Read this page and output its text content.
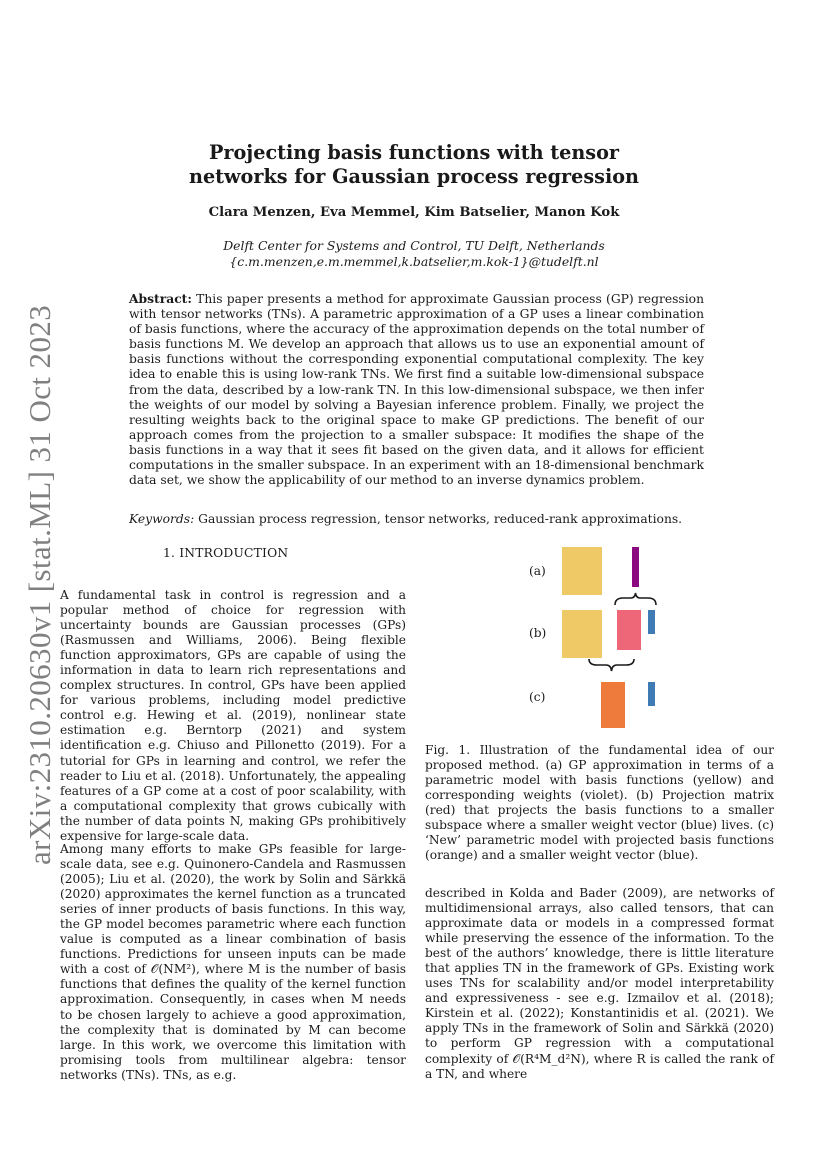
arXiv:2310.20630v1 [stat.ML] 31 Oct 2023
Projecting basis functions with tensor networks for Gaussian process regression
Clara Menzen, Eva Memmel, Kim Batselier, Manon Kok
Delft Center for Systems and Control, TU Delft, Netherlands
{c.m.menzen,e.m.memmel,k.batselier,m.kok-1}@tudelft.nl
Abstract: This paper presents a method for approximate Gaussian process (GP) regression with tensor networks (TNs). A parametric approximation of a GP uses a linear combination of basis functions, where the accuracy of the approximation depends on the total number of basis functions M. We develop an approach that allows us to use an exponential amount of basis functions without the corresponding exponential computational complexity. The key idea to enable this is using low-rank TNs. We first find a suitable low-dimensional subspace from the data, described by a low-rank TN. In this low-dimensional subspace, we then infer the weights of our model by solving a Bayesian inference problem. Finally, we project the resulting weights back to the original space to make GP predictions. The benefit of our approach comes from the projection to a smaller subspace: It modifies the shape of the basis functions in a way that it sees fit based on the given data, and it allows for efficient computations in the smaller subspace. In an experiment with an 18-dimensional benchmark data set, we show the applicability of our method to an inverse dynamics problem.
Keywords: Gaussian process regression, tensor networks, reduced-rank approximations.
1. INTRODUCTION
A fundamental task in control is regression and a popular method of choice for regression with uncertainty bounds are Gaussian processes (GPs) (Rasmussen and Williams, 2006). Being flexible function approximators, GPs are capable of using the information in data to learn rich representations and complex structures. In control, GPs have been applied for various problems, including model predictive control e.g. Hewing et al. (2019), nonlinear state estimation e.g. Berntorp (2021) and system identification e.g. Chiuso and Pillonetto (2019). For a tutorial for GPs in learning and control, we refer the reader to Liu et al. (2018). Unfortunately, the appealing features of a GP come at a cost of poor scalability, with a computational complexity that grows cubically with the number of data points N, making GPs prohibitively expensive for large-scale data.
Among many efforts to make GPs feasible for large-scale data, see e.g. Quinonero-Candela and Rasmussen (2005); Liu et al. (2020), the work by Solin and Särkkä (2020) approximates the kernel function as a truncated series of inner products of basis functions. In this way, the GP model becomes parametric where each function value is computed as a linear combination of basis functions. Predictions for unseen inputs can be made with a cost of 𝒪(NM²), where M is the number of basis functions that defines the quality of the kernel function approximation. Consequently, in cases when M needs to be chosen largely to achieve a good approximation, the complexity that is dominated by M can become large. In this work, we overcome this limitation with promising tools from multilinear algebra: tensor networks (TNs). TNs, as e.g.
(a)
(b)
(c)
Fig. 1. Illustration of the fundamental idea of our proposed method. (a) GP approximation in terms of a parametric model with basis functions (yellow) and corresponding weights (violet). (b) Projection matrix (red) that projects the basis functions to a smaller subspace where a smaller weight vector (blue) lives. (c) ‘New’ parametric model with projected basis functions (orange) and a smaller weight vector (blue).
described in Kolda and Bader (2009), are networks of multidimensional arrays, also called tensors, that can approximate data or models in a compressed format while preserving the essence of the information. To the best of the authors’ knowledge, there is little literature that applies TN in the framework of GPs. Existing work uses TNs for scalability and/or model interpretability and expressiveness - see e.g. Izmailov et al. (2018); Kirstein et al. (2022); Konstantinidis et al. (2021). We apply TNs in the framework of Solin and Särkkä (2020) to perform GP regression with a computational complexity of 𝒪(R⁴M_d²N), where R is called the rank of a TN, and where
